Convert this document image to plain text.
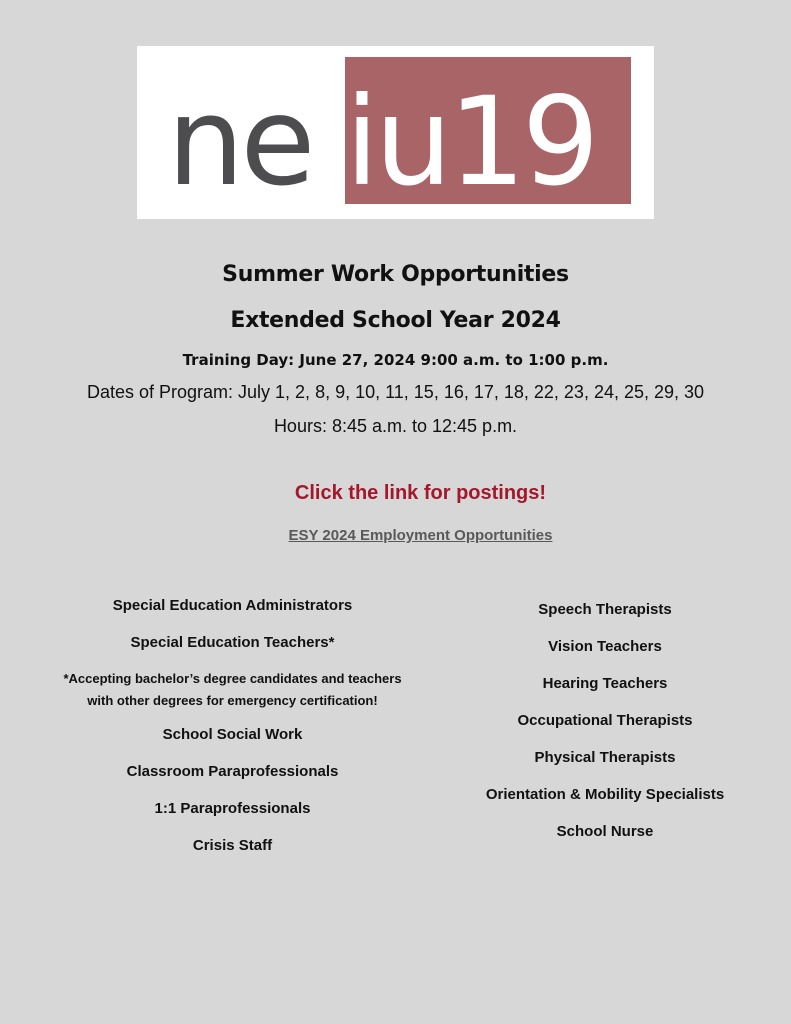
ne iu19
Summer Work Opportunities
Extended School Year 2024
Training Day: June 27, 2024 9:00 a.m. to 1:00 p.m.
Dates of Program: July 1, 2, 8, 9, 10, 11, 15, 16, 17, 18, 22, 23, 24, 25, 29, 30
Hours: 8:45 a.m. to 12:45 p.m.
Click the link for postings!
ESY 2024 Employment Opportunities
Special Education Administrators
Special Education Teachers*
*Accepting bachelor’s degree candidates and teachers
with other degrees for emergency certification!
School Social Work
Classroom Paraprofessionals
1:1 Paraprofessionals
Crisis Staff
Speech Therapists
Vision Teachers
Hearing Teachers
Occupational Therapists
Physical Therapists
Orientation & Mobility Specialists
School Nurse
